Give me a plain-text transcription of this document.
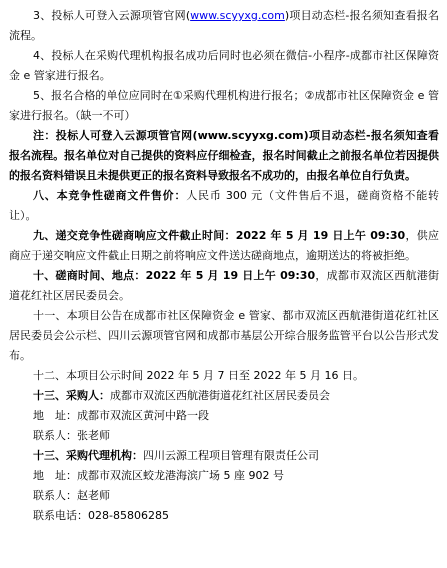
3、投标人可登入云源项管官网(www.scyyxg.com)项目动态栏-报名须知查看报名流程。

4、投标人在采购代理机构报名成功后同时也必须在微信-小程序-成都市社区保障资金 e 管家进行报名。

5、报名合格的单位应同时在①采购代理机构进行报名；②成都市社区保障资金 e 管家进行报名。（缺一不可）

注：投标人可登入云源项管官网(www.scyyxg.com)项目动态栏-报名须知查看报名流程。报名单位对自己提供的资料应仔细检查，报名时间截止之前报名单位若因提供的报名资料错误且未提供更正的报名资料导致报名不成功的，由报名单位自行负责。

八、本竞争性磋商文件售价：人民币 300 元（文件售后不退，磋商资格不能转让）。

九、递交竞争性磋商响应文件截止时间：2022 年 5 月 19 日上午 09:30，供应商应于递交响应文件截止日期之前将响应文件送达磋商地点，逾期送达的将被拒绝。

十、磋商时间、地点：2022 年 5 月 19 日上午 09:30，成都市双流区西航港街道花红社区居民委员会。

十一、本项目公告在成都市社区保障资金 e 管家、都市双流区西航港街道花红社区居民委员会公示栏、四川云源项管官网和成都市基层公开综合服务监管平台以公告形式发布。

十二、本项目公示时间 2022 年 5 月 7 日至 2022 年 5 月 16 日。

十三、采购人：成都市双流区西航港街道花红社区居民委员会

地　址：成都市双流区黄河中路一段

联系人：张老师

十三、采购代理机构：四川云源工程项目管理有限责任公司

地　址：成都市双流区蛟龙港海滨广场 5 座 902 号

联系人：赵老师

联系电话：028-85806285
